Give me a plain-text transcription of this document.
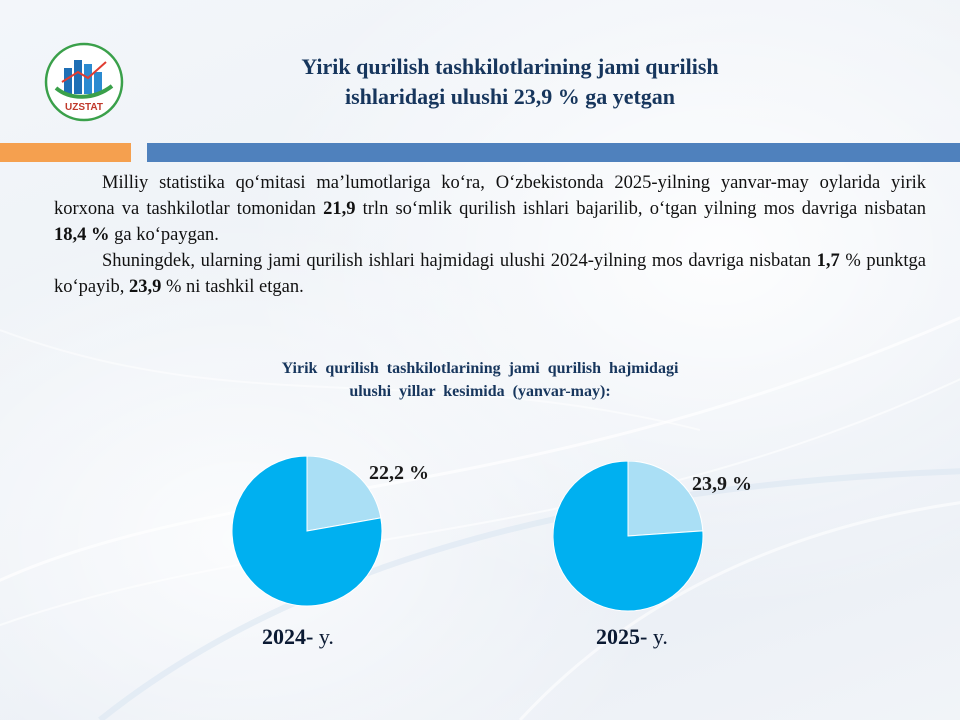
UZSTAT
Yirik qurilish tashkilotlarining jami qurilish
ishlaridagi ulushi 23,9 % ga yetgan

Milliy statistika qo‘mitasi ma’lumotlariga ko‘ra, O‘zbekistonda 2025-yilning yanvar-may oylarida yirik korxona va tashkilotlar tomonidan 21,9 trln so‘mlik qurilish ishlari bajarilib, o‘tgan yilning mos davriga nisbatan 18,4 % ga ko‘paygan.

Shuningdek, ularning jami qurilish ishlari hajmidagi ulushi 2024-yilning mos davriga nisbatan 1,7 % punktga ko‘payib, 23,9 % ni tashkil etgan.

Yirik qurilish tashkilotlarining jami qurilish hajmidagi
ulushi yillar kesimida (yanvar-may):
22,2 %
2024- y.
23,9 %
2025- y.
